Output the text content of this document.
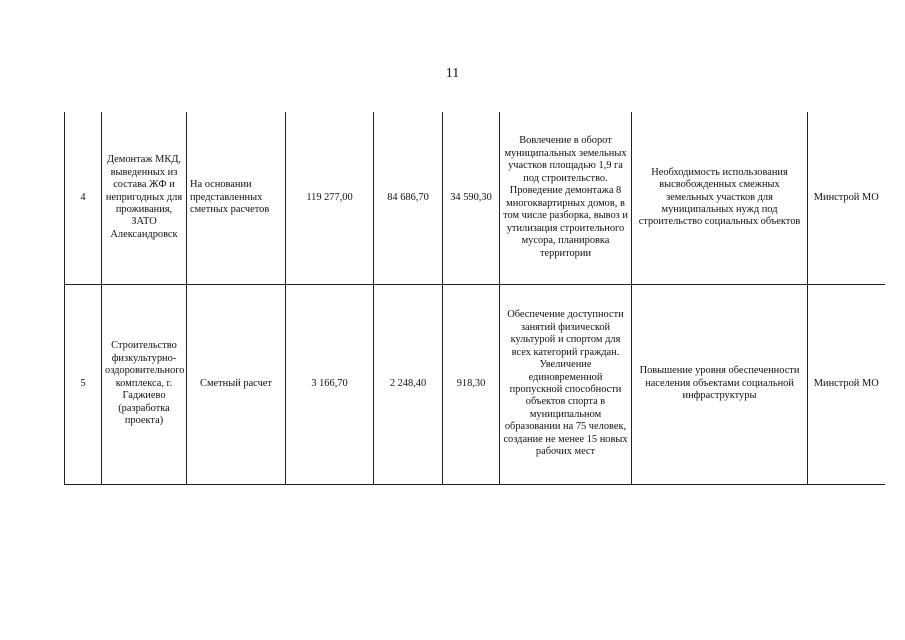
11
4	Демонтаж МКД, выведенных из состава ЖФ и непригодных для проживания, ЗАТО Александровск	На основании представленных сметных расчетов	119 277,00	84 686,70	34 590,30	Вовлечение в оборот муниципальных земельных участков площадью 1,9 га под строительство. Проведение демонтажа 8 многоквартирных домов, в том числе разборка, вывоз и утилизация строительного мусора, планировка территории	Необходимость использования высвобожденных смежных земельных участков для муниципальных нужд под строительство социальных объектов	Минстрой МО
5	Строительство физкультурно-оздоровительного комплекса, г. Гаджиево (разработка проекта)	Сметный расчет	3 166,70	2 248,40	918,30	Обеспечение доступности занятий физической культурой и спортом для всех категорий граждан. Увеличение единовременной пропускной способности объектов спорта в муниципальном образовании на 75 человек, создание не менее 15 новых рабочих мест	Повышение уровня обеспеченности населения объектами социальной инфраструктуры	Минстрой МО
